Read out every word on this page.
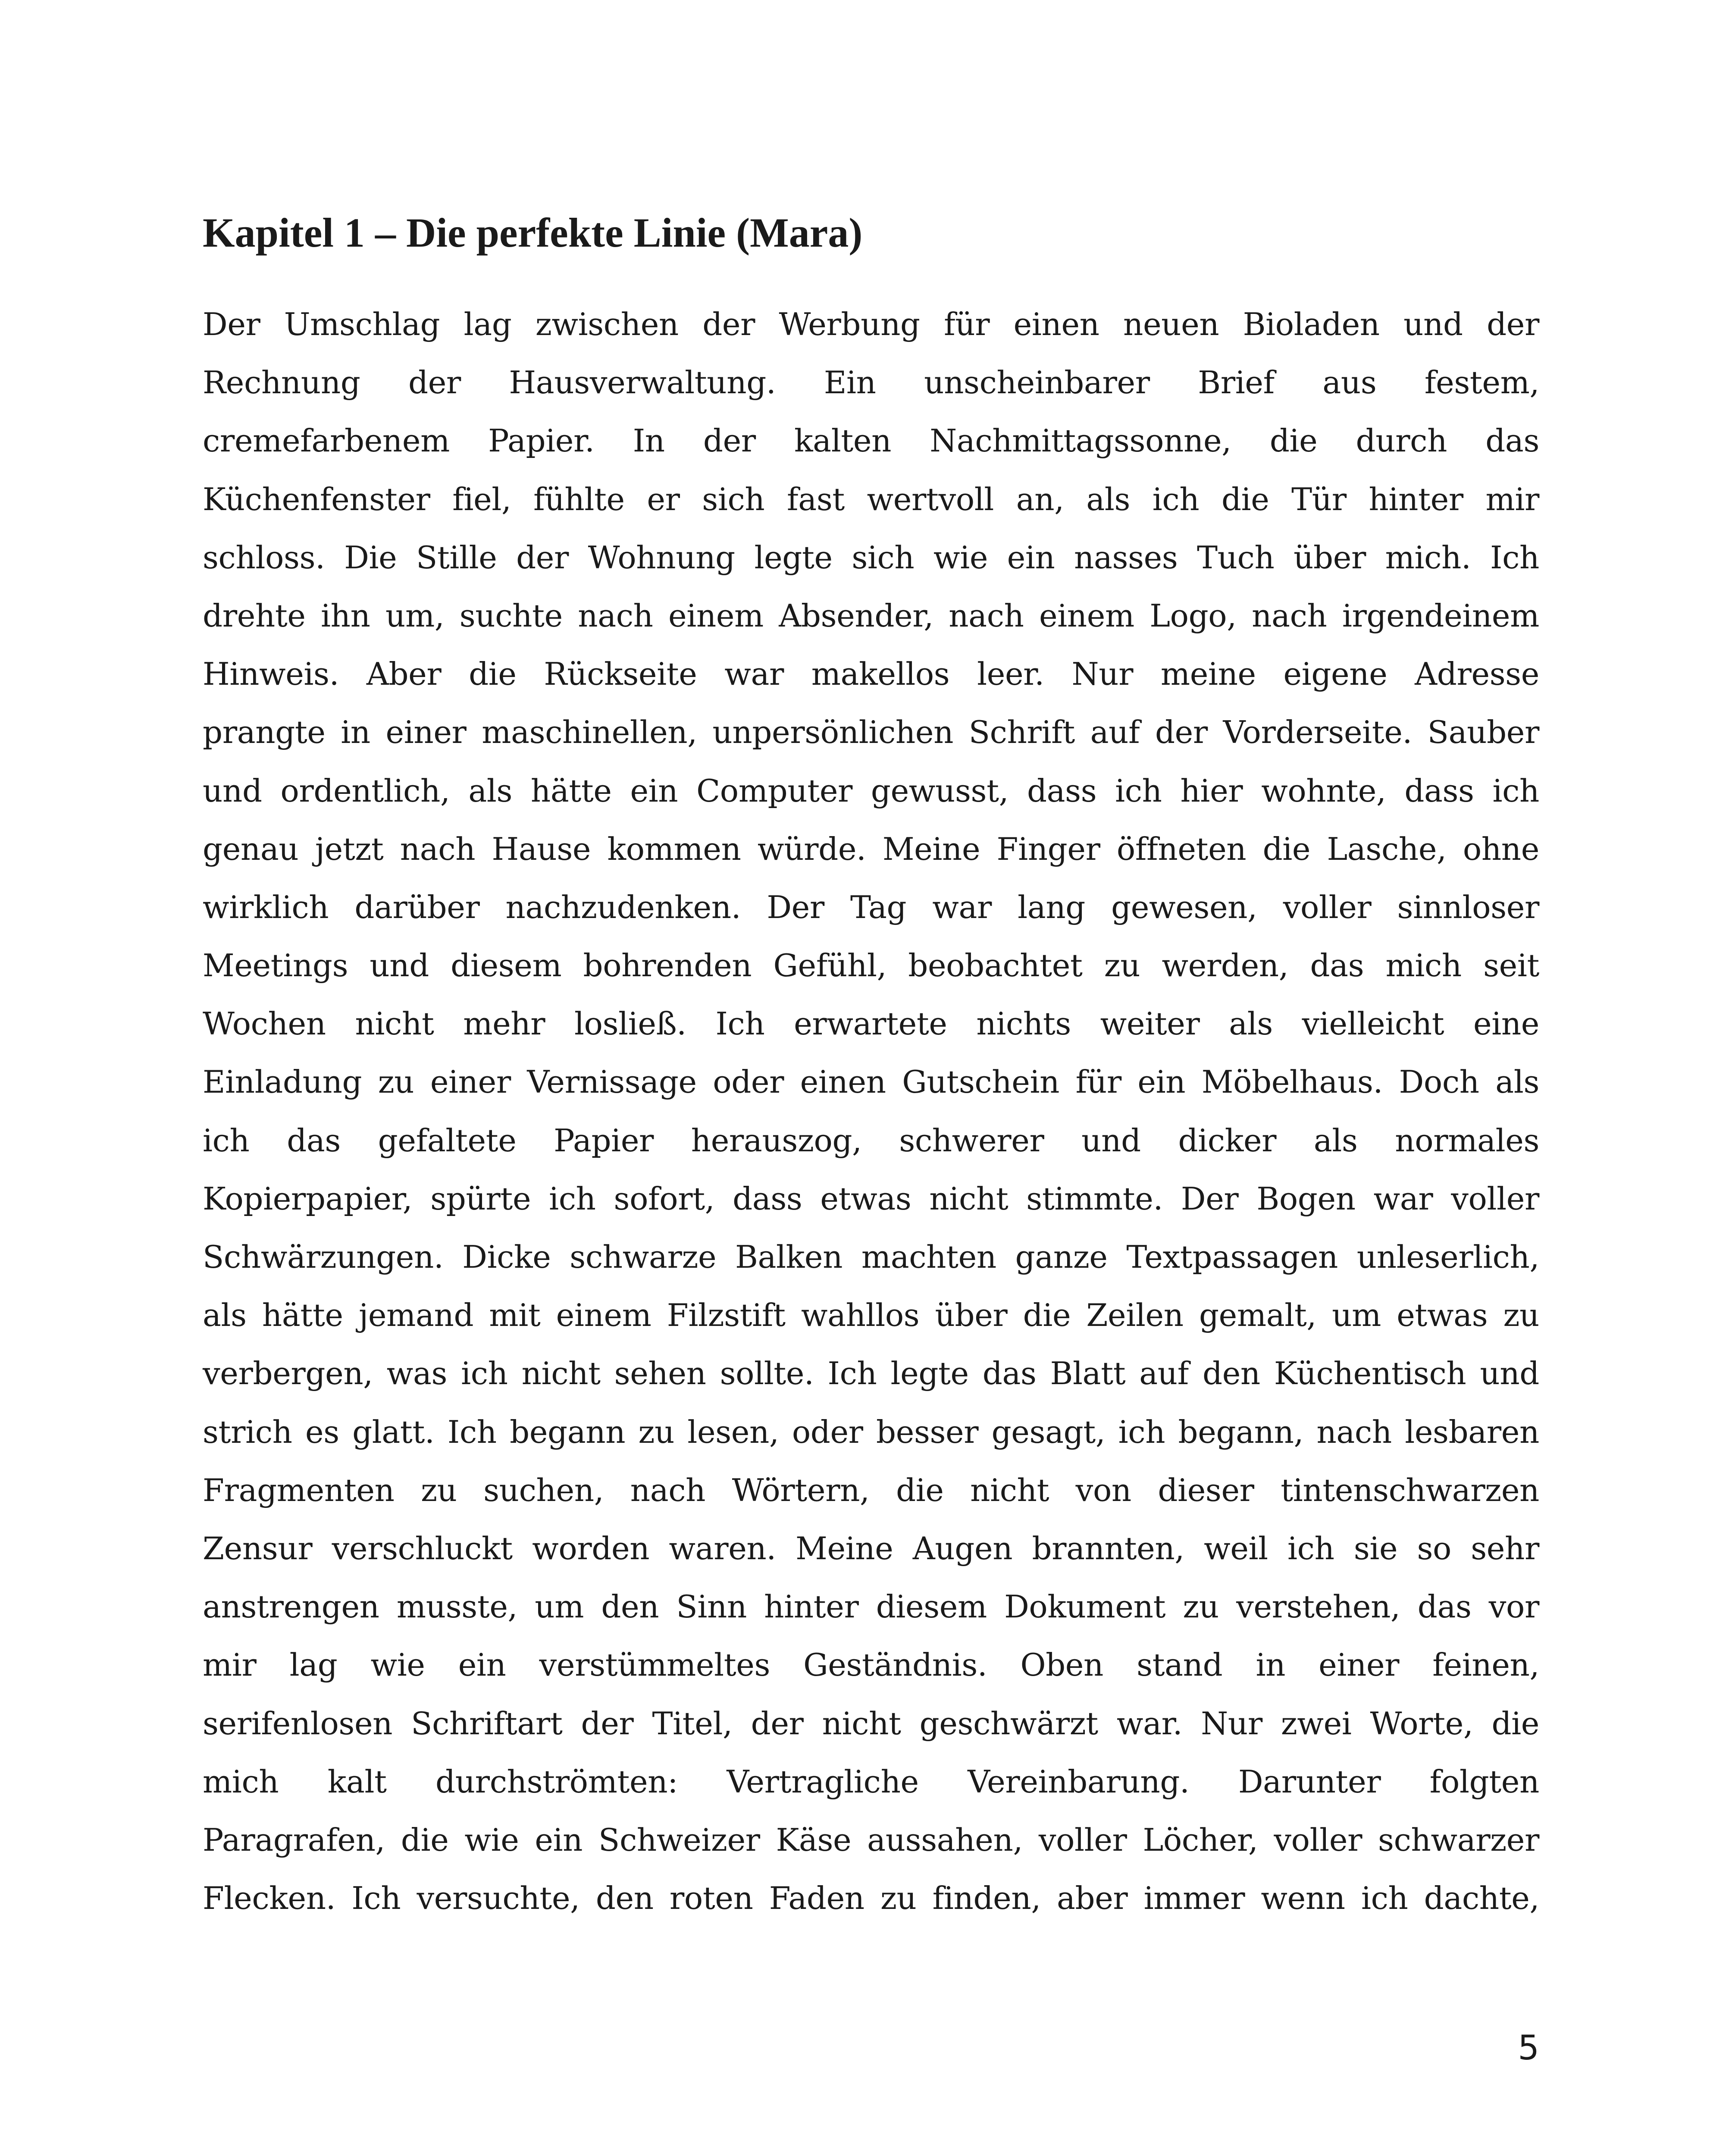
Kapitel 1 – Die perfekte Linie (Mara)
Der Umschlag lag zwischen der Werbung für einen neuen Bioladen und der
Rechnung der Hausverwaltung. Ein unscheinbarer Brief aus festem,
cremefarbenem Papier. In der kalten Nachmittagssonne, die durch das
Küchenfenster fiel, fühlte er sich fast wertvoll an, als ich die Tür hinter mir
schloss. Die Stille der Wohnung legte sich wie ein nasses Tuch über mich. Ich
drehte ihn um, suchte nach einem Absender, nach einem Logo, nach irgendeinem
Hinweis. Aber die Rückseite war makellos leer. Nur meine eigene Adresse
prangte in einer maschinellen, unpersönlichen Schrift auf der Vorderseite. Sauber
und ordentlich, als hätte ein Computer gewusst, dass ich hier wohnte, dass ich
genau jetzt nach Hause kommen würde. Meine Finger öffneten die Lasche, ohne
wirklich darüber nachzudenken. Der Tag war lang gewesen, voller sinnloser
Meetings und diesem bohrenden Gefühl, beobachtet zu werden, das mich seit
Wochen nicht mehr losließ. Ich erwartete nichts weiter als vielleicht eine
Einladung zu einer Vernissage oder einen Gutschein für ein Möbelhaus. Doch als
ich das gefaltete Papier herauszog, schwerer und dicker als normales
Kopierpapier, spürte ich sofort, dass etwas nicht stimmte. Der Bogen war voller
Schwärzungen. Dicke schwarze Balken machten ganze Textpassagen unleserlich,
als hätte jemand mit einem Filzstift wahllos über die Zeilen gemalt, um etwas zu
verbergen, was ich nicht sehen sollte. Ich legte das Blatt auf den Küchentisch und
strich es glatt. Ich begann zu lesen, oder besser gesagt, ich begann, nach lesbaren
Fragmenten zu suchen, nach Wörtern, die nicht von dieser tintenschwarzen
Zensur verschluckt worden waren. Meine Augen brannten, weil ich sie so sehr
anstrengen musste, um den Sinn hinter diesem Dokument zu verstehen, das vor
mir lag wie ein verstümmeltes Geständnis. Oben stand in einer feinen,
serifenlosen Schriftart der Titel, der nicht geschwärzt war. Nur zwei Worte, die
mich kalt durchströmten: Vertragliche Vereinbarung. Darunter folgten
Paragrafen, die wie ein Schweizer Käse aussahen, voller Löcher, voller schwarzer
Flecken. Ich versuchte, den roten Faden zu finden, aber immer wenn ich dachte,
5
